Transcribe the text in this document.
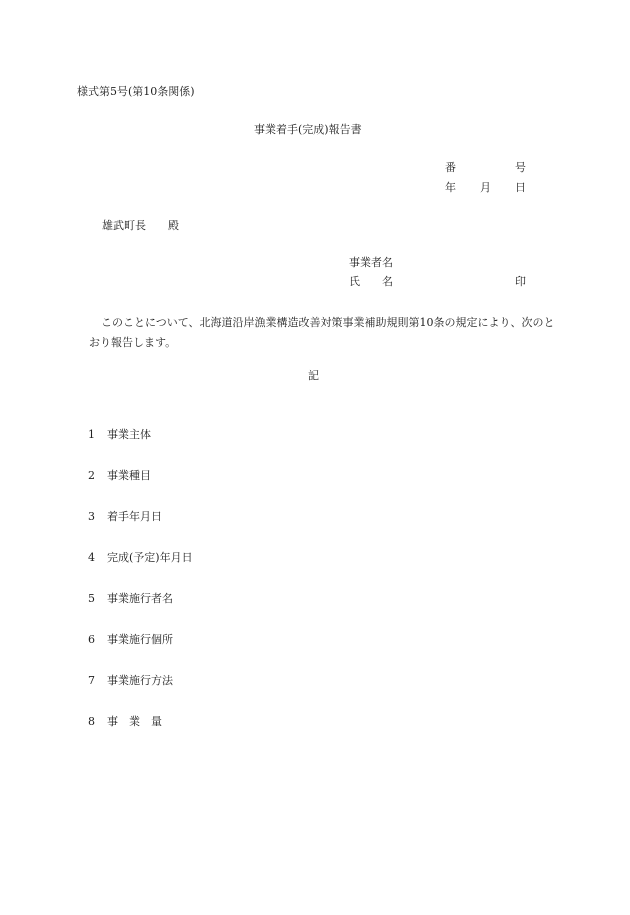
様式第5号(第10条関係)
事業着手(完成)報告書
番	号
年 月 日
雄武町長　　殿
事業者名
氏　　名	印
このことについて、北海道沿岸漁業構造改善対策事業補助規則第10条の規定により、次のとおり報告します。
記

1 事業主体

2 事業種目

3 着手年月日

4 完成(予定)年月日

5 事業施行者名

6 事業施行個所

7 事業施行方法

8 事　業　量
